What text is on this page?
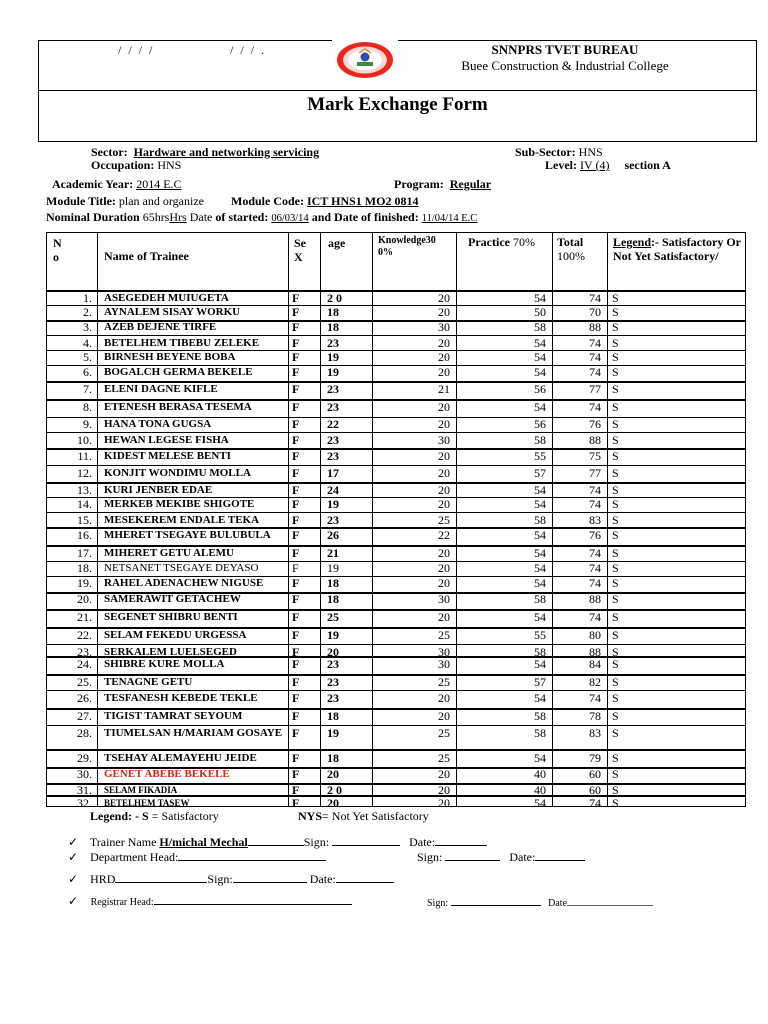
/ / / /	/ / / .	SNNPRS TVET BUREAU
Buee Construction & Industrial College
Mark Exchange Form
Sector: Hardware and networking servicing	Sub-Sector: HNS
Occupation: HNS	Level: IV (4) section A
Academic Year: 2014 E.C	Program: Regular
Module Title: plan and organize Module Code: ICT HNS1 MO2 0814
Nominal Duration 65hrsHrs Date of started: 06/03/14 and Date of finished: 11/04/14 E.C
N o	Name of Trainee
Se X
age	Knowledge30 0%
Practice 70% Total
100%
Legend:- Satisfactory Or Not Yet Satisfactory/
1. ASEGEDEH MUIUGETA	F 2 0	20	54	74 S
2. AYNALEM SISAY WORKU	F 18	20	50	70 S
3. AZEB DEJENE TIRFE	F 18	30	58	88 S
4. BETELHEM TIBEBU ZELEKE	F 23	20	54	74 S
5. BIRNESH BEYENE BOBA	F 19	20	54	74 S
6. BOGALCH GERMA BEKELE	F 19	20	54	74 S
7. ELENI DAGNE KIFLE	F 23	21	56	77 S
8. ETENESH BERASA TESEMA	F 23	20	54	74 S
9. HANA TONA GUGSA	F 22	20	56	76 S
10. HEWAN LEGESE FISHA	F 23	30	58	88 S
11. KIDEST MELESE BENTI	F 23	20	55	75 S
12. KONJIT WONDIMU MOLLA	F 17	20	57	77 S
13. KURI JENBER EDAE	F 24	20	54	74 S
14. MERKEB MEKIBE SHIGOTE	F 19	20	54	74 S
15. MESEKEREM ENDALE TEKA	F 23	25	58	83 S
16. MHERET TSEGAYE BULUBULA F 26	22	54	76 S
17. MIHERET GETU ALEMU	F 21	20	54	74 S
18. NETSANET TSEGAYE DEYASO	F 19	20	54	74 S
19. RAHEL ADENACHEW NIGUSE F 18	20	54	74 S
20. SAMERAWIT GETACHEW	F 18	30	58	88 S
21. SEGENET SHIBRU BENTI	F 25	20	54	74 S
22. SELAM FEKEDU URGESSA	F 19	25	55	80 S
23. SERKALEM LUELSEGED	F 20	30	58	88 S
24. SHIBRE KURE MOLLA	F 23	30	54	84 S
25. TENAGNE GETU	F 23	25	57	82 S
26. TESFANESH KEBEDE TEKLE	F 23	20	54	74 S
27. TIGIST TAMRAT SEYOUM	F 18	20	58	78 S
28. TIUMELSAN H/MARIAM GOSAYE F 19	25	58	83 S
29. TSEHAY ALEMAYEHU JEIDE	F 18	25	54	79 S
30. GENET ABEBE BEKELE	F 20	20	40	60 S
31. SELAM FIKADIA	F 2 0	20	40	60 S
32. BETELHEM TASEW	F 20	20	54	74 S
Legend: - S = Satisfactory	NYS= Not Yet Satisfactory
✓ Trainer Name H/michal Mechal	Sign:	Date:
✓ Department Head:	Sign:	Date:
✓ HRD	Sign:	Date:
✓ Registrar Head:	Sign:	Date
